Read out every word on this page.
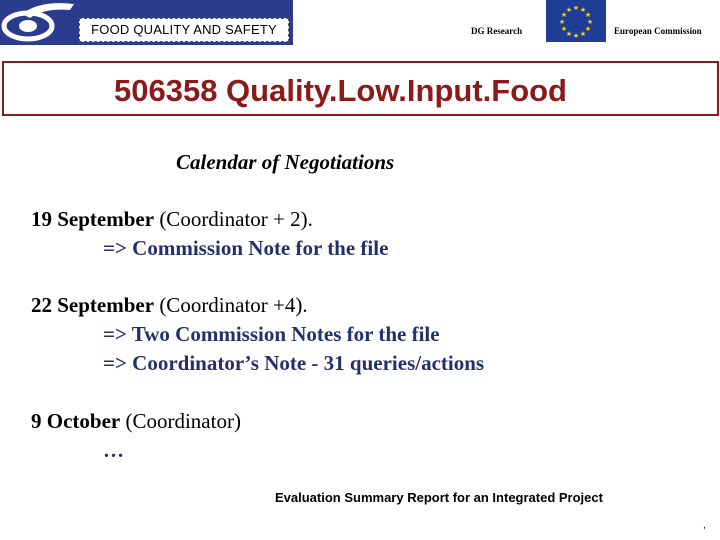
FOOD QUALITY AND SAFETY	DG Research
★ ★
★
★
★
★
★
★
★
★
★
★
European Commission
506358 Quality.Low.Input.Food
Calendar of Negotiations
19 September (Coordinator + 2).
=> Commission Note for the file
22 September (Coordinator +4).
=> Two Commission Notes for the file
=> Coordinator’s Note - 31 queries/actions
9 October (Coordinator)
…
Evaluation Summary Report for an Integrated Project
,
